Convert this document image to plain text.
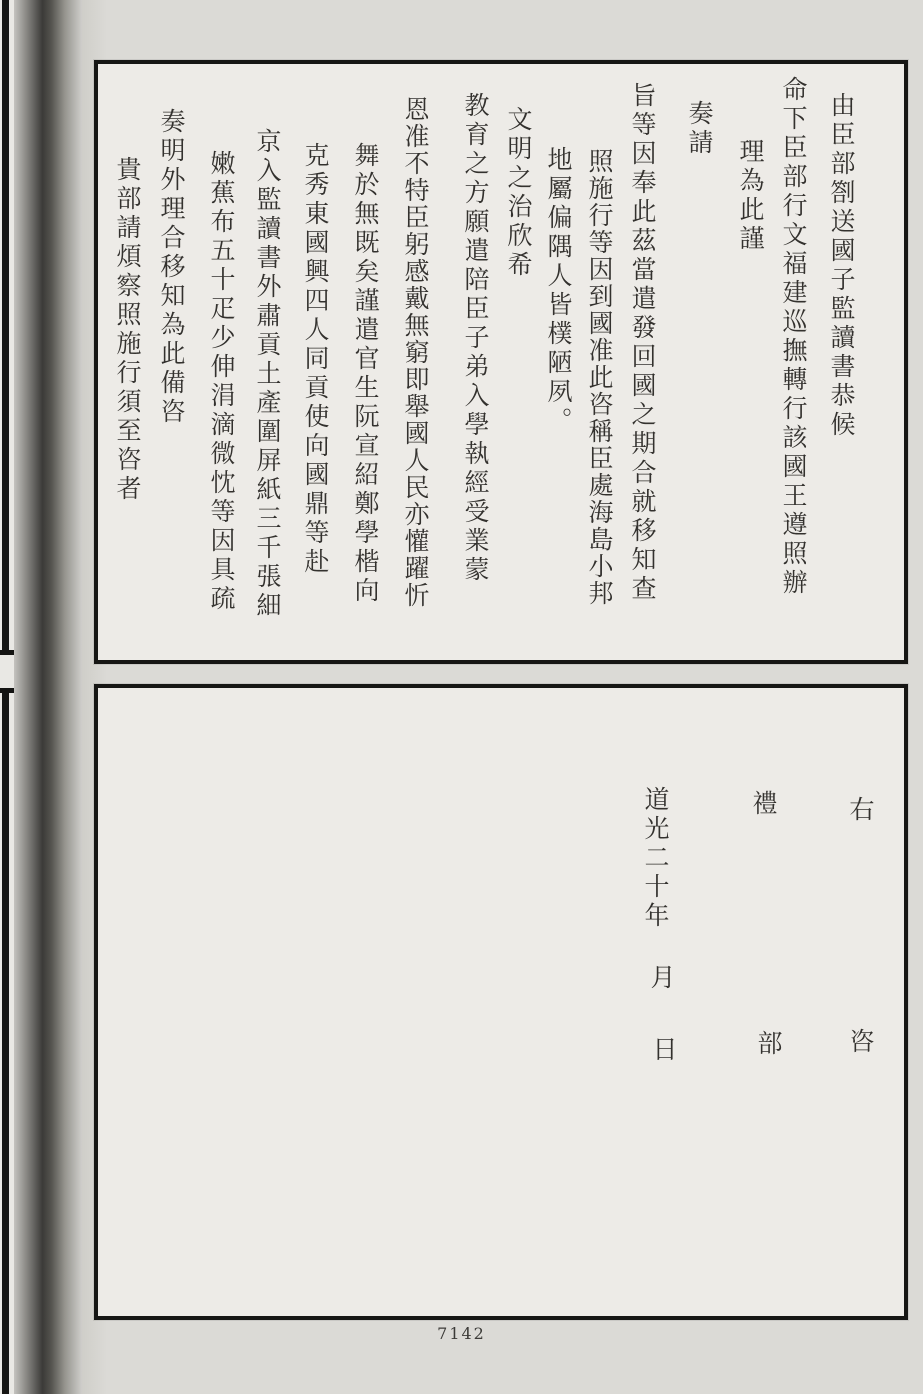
由臣部劄送國子監讀書恭候
命下臣部行文福建巡撫轉行該國王遵照辦
理為此謹
奏請
旨等因奉此茲當遣發回國之期合就移知查
照施行等因到國准此咨稱臣處海島小邦
地屬偏隅人皆樸陋夙。
文明之治欣希
教育之方願遣陪臣子弟入學執經受業蒙
恩准不特臣躬感戴無窮即舉國人民亦懽躍忻
舞於無既矣謹遣官生阮宣紹鄭學楷向
克秀東國興四人同貢使向國鼎等赴
京入監讀書外肅貢土產圍屏紙三千張細
嫩蕉布五十疋少伸涓滴微忱等因具疏
奏明外理合移知為此備咨
貴部請煩察照施行須至咨者
右
咨
禮
部
道光二十年
月
日
7142
